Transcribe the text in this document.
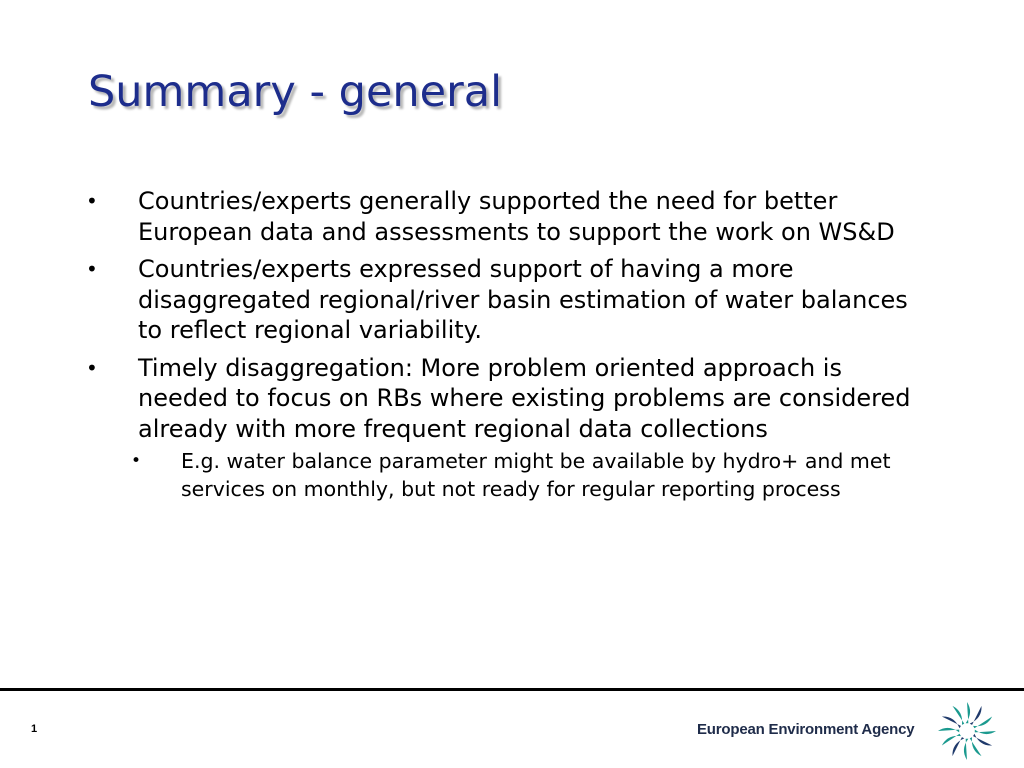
Summary - general

• Countries/experts generally supported the need for better European data and assessments to support the work on WS&D

• Countries/experts expressed support of having a more disaggregated regional/river basin estimation of water balances to reflect regional variability.

• Timely disaggregation: More problem oriented approach is needed to focus on RBs where existing problems are considered already with more frequent regional data collections

• E.g. water balance parameter might be available by hydro+ and met services on monthly, but not ready for regular reporting process

1	European Environment Agency
